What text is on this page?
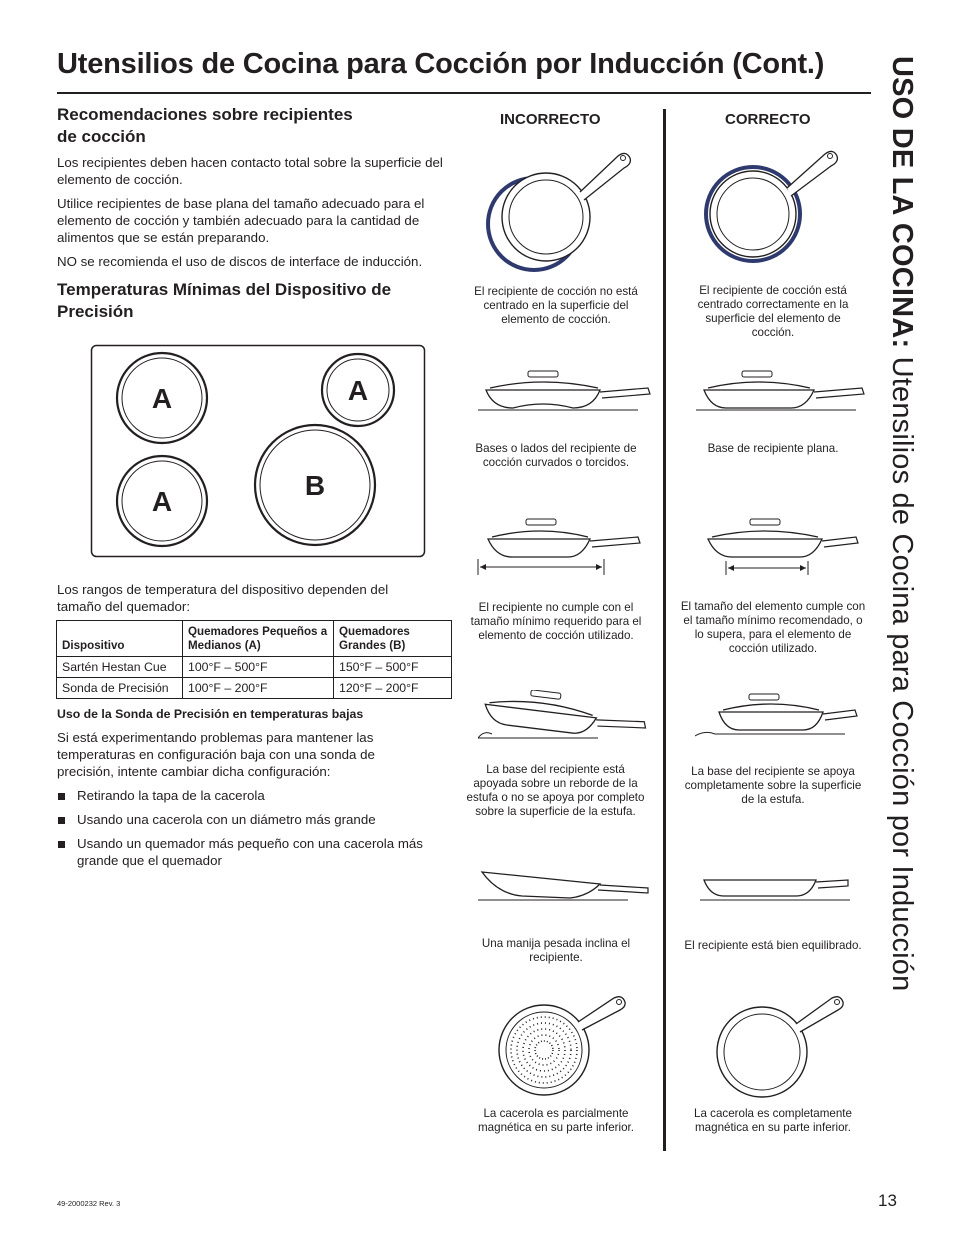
Utensilios de Cocina para Cocción por Inducción (Cont.) USO DE LA COCINA: Utensilios de Cocina para Cocción por Inducción
Recomendaciones sobre recipientes
de cocción
Los recipientes deben hacen contacto total sobre la superficie del elemento de cocción.
Utilice recipientes de base plana del tamaño adecuado para el elemento de cocción y también adecuado para la cantidad de alimentos que se están preparando.
NO se recomienda el uso de discos de interface de inducción.
Temperaturas Mínimas del Dispositivo de Precisión
A	A
A
B
Los rangos de temperatura del dispositivo dependen del tamaño del quemador:
Dispositivo	Quemadores Pequeños a Medianos (A)	Quemadores Grandes (B)
Sartén Hestan Cue	100°F – 500°F	150°F – 500°F
Sonda de Precisión	100°F – 200°F	120°F – 200°F
Uso de la Sonda de Precisión en temperaturas bajas
Si está experimentando problemas para mantener las temperaturas en configuración baja con una sonda de precisión, intente cambiar dicha configuración:
Retirando la tapa de la cacerola
Usando una cacerola con un diámetro más grande
Usando un quemador más pequeño con una cacerola más grande que el quemador
INCORRECTO	CORRECTO
El recipiente de cocción no está centrado en la superficie del elemento de cocción.
El recipiente de cocción está centrado correctamente en la superficie del elemento de cocción.
Bases o lados del recipiente de cocción curvados o torcidos.
Base de recipiente plana.
El recipiente no cumple con el tamaño mínimo requerido para el elemento de cocción utilizado.
El tamaño del elemento cumple con el tamaño mínimo recomendado, o lo supera, para el elemento de cocción utilizado.
La base del recipiente está apoyada sobre un reborde de la estufa o no se apoya por completo sobre la superficie de la estufa.
La base del recipiente se apoya completamente sobre la superficie de la estufa.
Una manija pesada inclina el recipiente.
El recipiente está bien equilibrado.
La cacerola es parcialmente magnética en su parte inferior.
La cacerola es completamente magnética en su parte inferior.
49-2000232 Rev. 3	13
